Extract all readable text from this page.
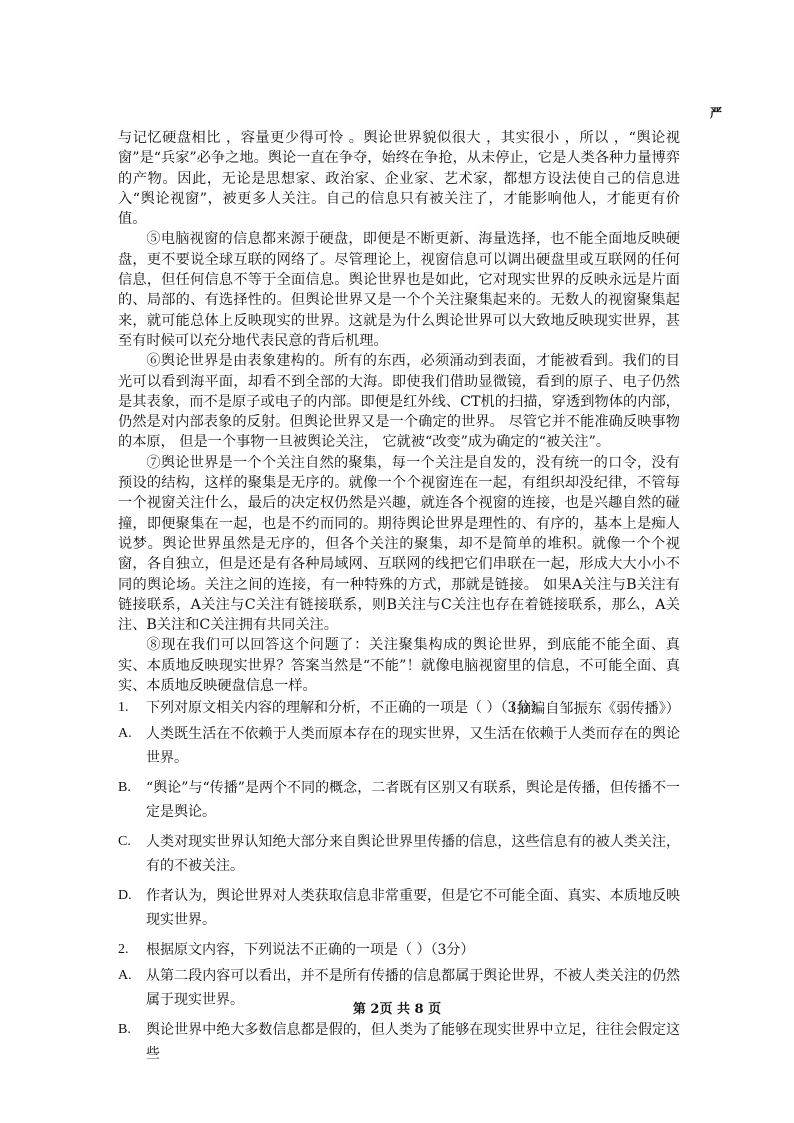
严

与记忆硬盘相比 ，容量更少得可怜 。舆论世界貌似很大 ，其实很小 ，所以 ，“舆论视窗”是“兵家”必争之地。舆论一直在争夺，始终在争抢，从未停止，它是人类各种力量博弈的产物。因此，无论是思想家、政治家、企业家、艺术家，都想方设法使自己的信息进入“舆论视窗”，被更多人关注。自己的信息只有被关注了，才能影响他人，才能更有价值。

⑤电脑视窗的信息都来源于硬盘，即便是不断更新、海量选择，也不能全面地反映硬盘，更不要说全球互联的网络了。尽管理论上，视窗信息可以调出硬盘里或互联网的任何信息，但任何信息不等于全面信息。舆论世界也是如此，它对现实世界的反映永远是片面的、局部的、有选择性的。但舆论世界又是一个个关注聚集起来的。无数人的视窗聚集起来，就可能总体上反映现实的世界。这就是为什么舆论世界可以大致地反映现实世界，甚至有时候可以充分地代表民意的背后机理。

⑥舆论世界是由表象建构的。所有的东西，必须涌动到表面，才能被看到。我们的目光可以看到海平面，却看不到全部的大海。即使我们借助显微镜，看到的原子、电子仍然是其表象，而不是原子或电子的内部。即便是红外线、CT机的扫描，穿透到物体的内部，仍然是对内部表象的反射。但舆论世界又是一个确定的世界。 尽管它并不能准确反映事物的本原， 但是一个事物一旦被舆论关注， 它就被“改变”成为确定的“被关注”。

⑦舆论世界是一个个关注自然的聚集，每一个关注是自发的，没有统一的口令，没有预设的结构，这样的聚集是无序的。就像一个个视窗连在一起，有组织却没纪律，不管每一个视窗关注什么，最后的决定权仍然是兴趣，就连各个视窗的连接，也是兴趣自然的碰撞，即便聚集在一起，也是不约而同的。期待舆论世界是理性的、有序的，基本上是痴人说梦。舆论世界虽然是无序的，但各个关注的聚集，却不是简单的堆积。就像一个个视窗，各自独立，但是还是有各种局域网、互联网的线把它们串联在一起，形成大大小小不同的舆论场。关注之间的连接，有一种特殊的方式，那就是链接。 如果A关注与B关注有链接联系，A关注与C关注有链接联系，则B关注与C关注也存在着链接联系，那么，A关注、B关注和C关注拥有共同关注。

⑧现在我们可以回答这个问题了：关注聚集构成的舆论世界，到底能不能全面、真实、本质地反映现实世界？答案当然是“不能”！就像电脑视窗里的信息，不可能全面、真实、本质地反映硬盘信息一样。

（摘编自邹振东《弱传播》）
1.	下列对原文相关内容的理解和分析，不正确的一项是（ ）（3分）
A.	人类既生活在不依赖于人类而原本存在的现实世界，又生活在依赖于人类而存在的舆论世界。
B.	“舆论”与“传播”是两个不同的概念，二者既有区别又有联系，舆论是传播，但传播不一定是舆论。
C.	人类对现实世界认知绝大部分来自舆论世界里传播的信息，这些信息有的被人类关注，有的不被关注。
D.	作者认为，舆论世界对人类获取信息非常重要，但是它不可能全面、真实、本质地反映现实世界。
2.	根据原文内容，下列说法不正确的一项是（ ）（3分）
A.	从第二段内容可以看出，并不是所有传播的信息都属于舆论世界，不被人类关注的仍然属于现实世界。
B.	舆论世界中绝大多数信息都是假的，但人类为了能够在现实世界中立足，往往会假定这些
第 2页 共 8 页
